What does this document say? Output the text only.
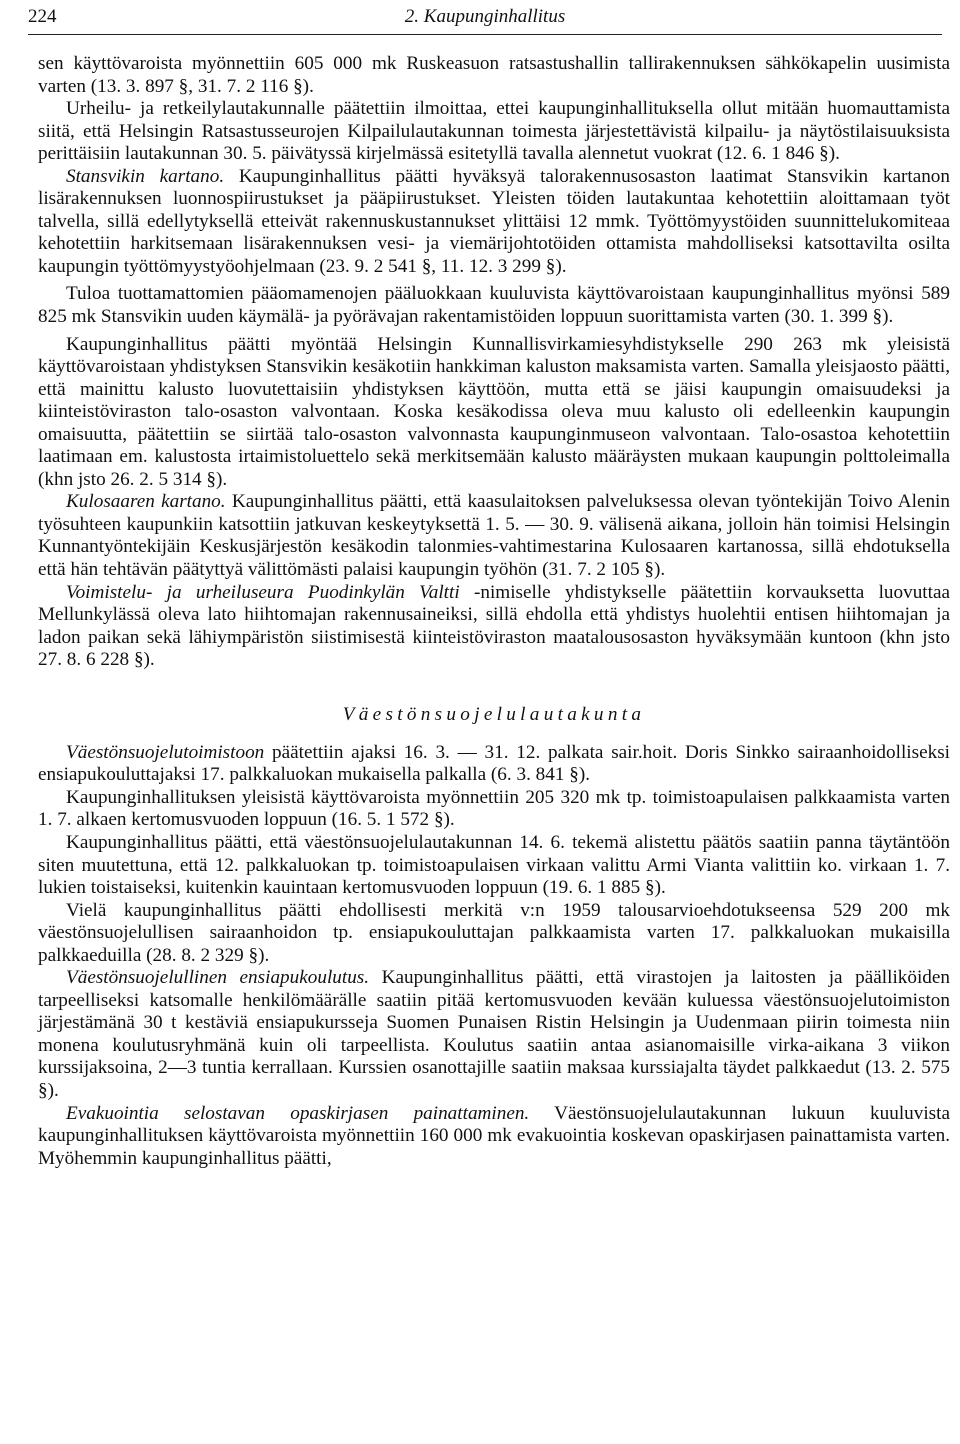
224	2. Kaupunginhallitus

sen käyttövaroista myönnettiin 605 000 mk Ruskeasuon ratsastushallin tallirakennuksen sähkökapelin uusimista varten (13. 3. 897 §, 31. 7. 2 116 §).

Urheilu- ja retkeilylautakunnalle päätettiin ilmoittaa, ettei kaupunginhallituksella ollut mitään huomauttamista siitä, että Helsingin Ratsastusseurojen Kilpailulautakunnan toimesta järjestettävistä kilpailu- ja näytöstilaisuuksista perittäisiin lautakunnan 30. 5. päivätyssä kirjelmässä esitetyllä tavalla alennetut vuokrat (12. 6. 1 846 §).

Stansvikin kartano. Kaupunginhallitus päätti hyväksyä talorakennusosaston laatimat Stansvikin kartanon lisärakennuksen luonnospiirustukset ja pääpiirustukset. Yleisten töiden lautakuntaa kehotettiin aloittamaan työt talvella, sillä edellytyksellä etteivät rakennuskustannukset ylittäisi 12 mmk. Työttömyystöiden suunnittelukomiteaa kehotettiin harkitsemaan lisärakennuksen vesi- ja viemärijohtotöiden ottamista mahdolliseksi katsottavilta osilta kaupungin työttömyystyöohjelmaan (23. 9. 2 541 §, 11. 12. 3 299 §).

Tuloa tuottamattomien pääomamenojen pääluokkaan kuuluvista käyttövaroistaan kaupunginhallitus myönsi 589 825 mk Stansvikin uuden käymälä- ja pyörävajan rakentamistöiden loppuun suorittamista varten (30. 1. 399 §).

Kaupunginhallitus päätti myöntää Helsingin Kunnallisvirkamiesyhdistykselle 290 263 mk yleisistä käyttövaroistaan yhdistyksen Stansvikin kesäkotiin hankkiman kaluston maksamista varten. Samalla yleisjaosto päätti, että mainittu kalusto luovutettaisiin yhdistyksen käyttöön, mutta että se jäisi kaupungin omaisuudeksi ja kiinteistöviraston talo-osaston valvontaan. Koska kesäkodissa oleva muu kalusto oli edelleenkin kaupungin omaisuutta, päätettiin se siirtää talo-osaston valvonnasta kaupunginmuseon valvontaan. Talo-osastoa kehotettiin laatimaan em. kalustosta irtaimistoluettelo sekä merkitsemään kalusto määräysten mukaan kaupungin polttoleimalla (khn jsto 26. 2. 5 314 §).

Kulosaaren kartano. Kaupunginhallitus päätti, että kaasulaitoksen palveluksessa olevan työntekijän Toivo Alenin työsuhteen kaupunkiin katsottiin jatkuvan keskeytyksettä 1. 5. — 30. 9. välisenä aikana, jolloin hän toimisi Helsingin Kunnantyöntekijäin Keskusjärjestön kesäkodin talonmies-vahtimestarina Kulosaaren kartanossa, sillä ehdotuksella että hän tehtävän päätyttyä välittömästi palaisi kaupungin työhön (31. 7. 2 105 §).

Voimistelu- ja urheiluseura Puodinkylän Valtti -nimiselle yhdistykselle päätettiin korvauksetta luovuttaa Mellunkylässä oleva lato hiihtomajan rakennusaineiksi, sillä ehdolla että yhdistys huolehtii entisen hiihtomajan ja ladon paikan sekä lähiympäristön siistimisestä kiinteistöviraston maatalousosaston hyväksymään kuntoon (khn jsto 27. 8. 6 228 §).

Väestönsuojelulautakunta

Väestönsuojelutoimistoon päätettiin ajaksi 16. 3. — 31. 12. palkata sair.hoit. Doris Sinkko sairaanhoidolliseksi ensiapukouluttajaksi 17. palkkaluokan mukaisella palkalla (6. 3. 841 §).

Kaupunginhallituksen yleisistä käyttövaroista myönnettiin 205 320 mk tp. toimistoapulaisen palkkaamista varten 1. 7. alkaen kertomusvuoden loppuun (16. 5. 1 572 §).

Kaupunginhallitus päätti, että väestönsuojelulautakunnan 14. 6. tekemä alistettu päätös saatiin panna täytäntöön siten muutettuna, että 12. palkkaluokan tp. toimistoapulaisen virkaan valittu Armi Vianta valittiin ko. virkaan 1. 7. lukien toistaiseksi, kuitenkin kauintaan kertomusvuoden loppuun (19. 6. 1 885 §).

Vielä kaupunginhallitus päätti ehdollisesti merkitä v:n 1959 talousarvioehdotukseensa 529 200 mk väestönsuojelullisen sairaanhoidon tp. ensiapukouluttajan palkkaamista varten 17. palkkaluokan mukaisilla palkkaeduilla (28. 8. 2 329 §).

Väestönsuojelullinen ensiapukoulutus. Kaupunginhallitus päätti, että virastojen ja laitosten ja päälliköiden tarpeelliseksi katsomalle henkilömäärälle saatiin pitää kertomusvuoden kevään kuluessa väestönsuojelutoimiston järjestämänä 30 t kestäviä ensiapukursseja Suomen Punaisen Ristin Helsingin ja Uudenmaan piirin toimesta niin monena koulutusryhmänä kuin oli tarpeellista. Koulutus saatiin antaa asianomaisille virka-aikana 3 viikon kurssijaksoina, 2—3 tuntia kerrallaan. Kurssien osanottajille saatiin maksaa kurssiajalta täydet palkkaedut (13. 2. 575 §).

Evakuointia selostavan opaskirjasen painattaminen. Väestönsuojelulautakunnan lukuun kuuluvista kaupunginhallituksen käyttövaroista myönnettiin 160 000 mk evakuointia koskevan opaskirjasen painattamista varten. Myöhemmin kaupunginhallitus päätti,
